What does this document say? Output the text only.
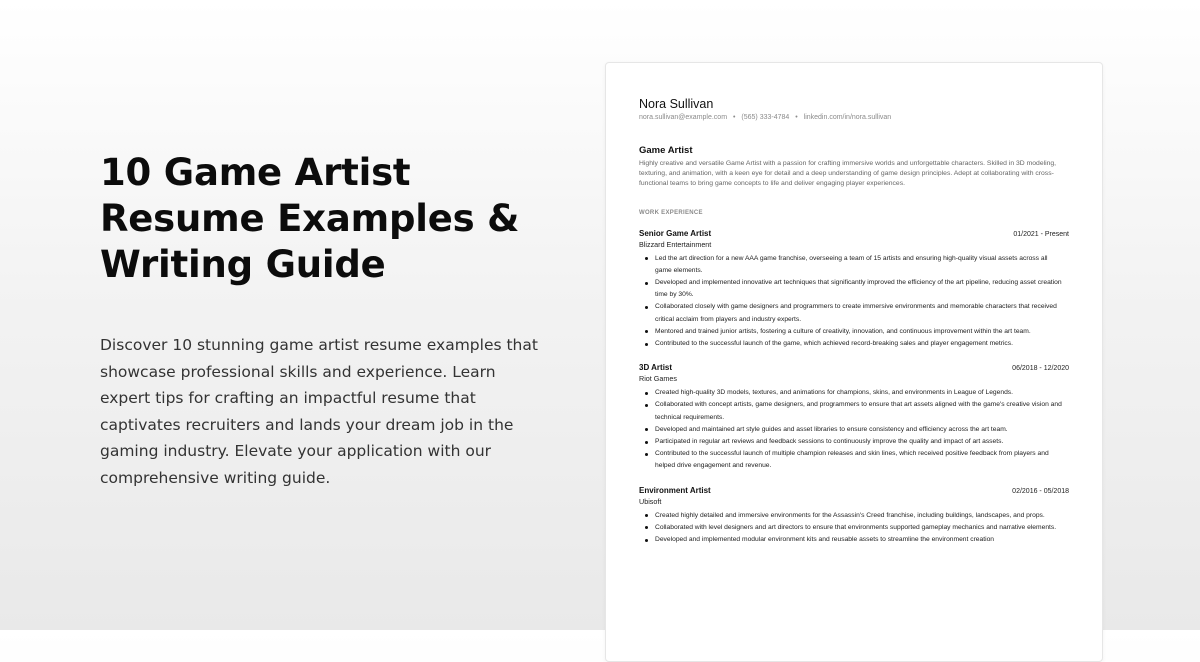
10 Game Artist
Resume Examples &
Writing Guide

Discover 10 stunning game artist resume examples that showcase professional skills and experience. Learn expert tips for crafting an impactful resume that captivates recruiters and lands your dream job in the gaming industry. Elevate your application with our comprehensive writing guide.

Nora Sullivan
nora.sullivan@example.com • (565) 333-4784 • linkedin.com/in/nora.sullivan
Game Artist
Highly creative and versatile Game Artist with a passion for crafting immersive worlds and unforgettable characters. Skilled in 3D modeling, texturing, and animation, with a keen eye for detail and a deep understanding of game design principles. Adept at collaborating with cross-functional teams to bring game concepts to life and deliver engaging player experiences.
WORK EXPERIENCE
Senior Game Artist	01/2021 - Present
Blizzard Entertainment
Led the art direction for a new AAA game franchise, overseeing a team of 15 artists and ensuring high-quality visual assets across all game elements.
Developed and implemented innovative art techniques that significantly improved the efficiency of the art pipeline, reducing asset creation time by 30%.
Collaborated closely with game designers and programmers to create immersive environments and memorable characters that received critical acclaim from players and industry experts.
Mentored and trained junior artists, fostering a culture of creativity, innovation, and continuous improvement within the art team.
Contributed to the successful launch of the game, which achieved record-breaking sales and player engagement metrics.
3D Artist	06/2018 - 12/2020
Riot Games
Created high-quality 3D models, textures, and animations for champions, skins, and environments in League of Legends.
Collaborated with concept artists, game designers, and programmers to ensure that art assets aligned with the game's creative vision and technical requirements.
Developed and maintained art style guides and asset libraries to ensure consistency and efficiency across the art team.
Participated in regular art reviews and feedback sessions to continuously improve the quality and impact of art assets.
Contributed to the successful launch of multiple champion releases and skin lines, which received positive feedback from players and helped drive engagement and revenue.
Environment Artist	02/2016 - 05/2018
Ubisoft
Created highly detailed and immersive environments for the Assassin's Creed franchise, including buildings, landscapes, and props.
Collaborated with level designers and art directors to ensure that environments supported gameplay mechanics and narrative elements.
Developed and implemented modular environment kits and reusable assets to streamline the environment creation
